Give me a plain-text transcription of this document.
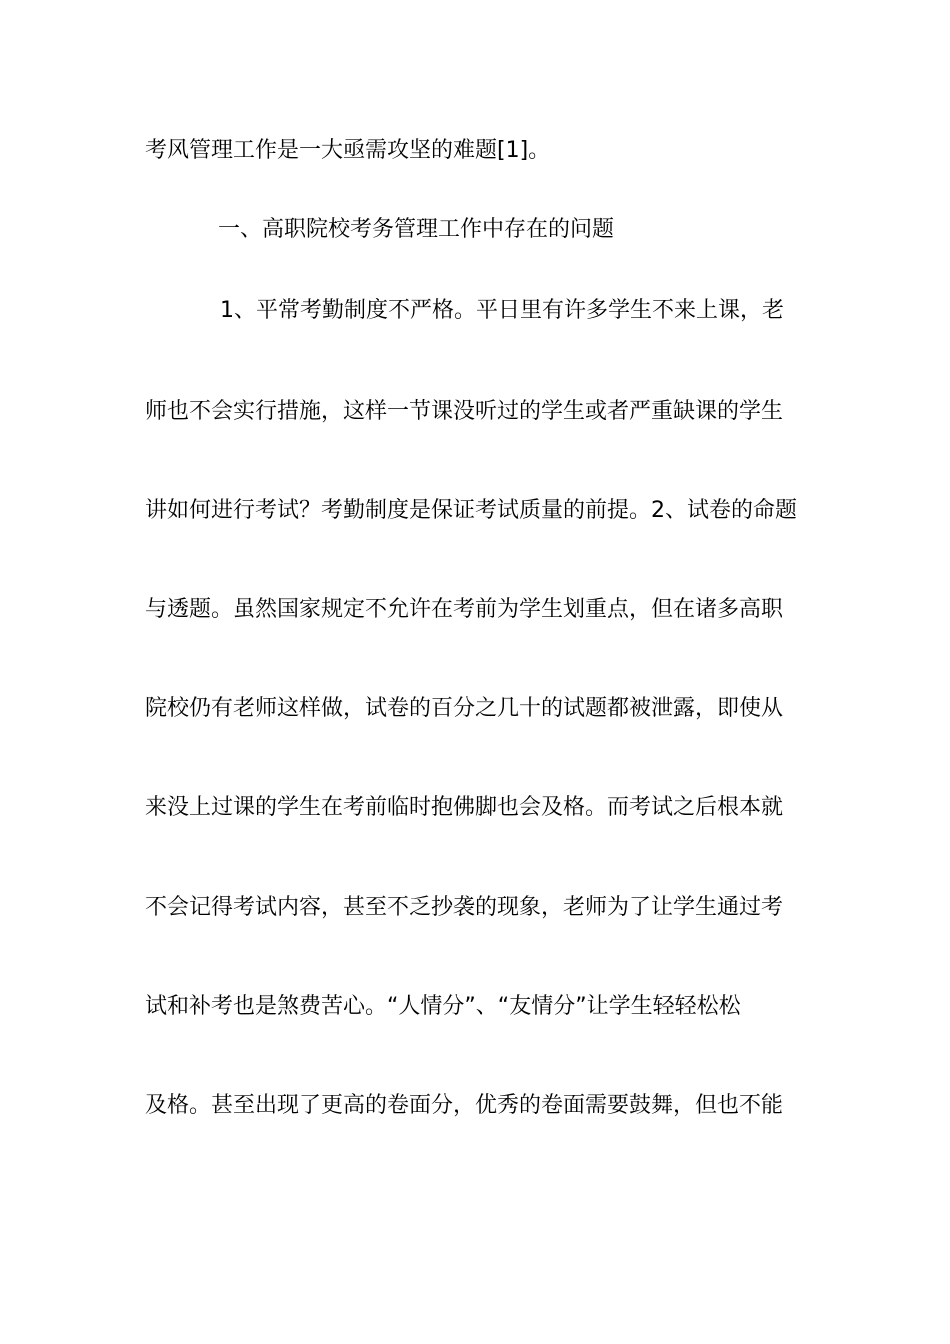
考风管理工作是一大亟需攻坚的难题[1]。
一、高职院校考务管理工作中存在的问题
1、平常考勤制度不严格。平日里有许多学生不来上课，老
师也不会实行措施，这样一节课没听过的学生或者严重缺课的学生
讲如何进行考试？考勤制度是保证考试质量的前提。2、试卷的命题
与透题。虽然国家规定不允许在考前为学生划重点，但在诸多高职
院校仍有老师这样做，试卷的百分之几十的试题都被泄露，即使从
来没上过课的学生在考前临时抱佛脚也会及格。而考试之后根本就
不会记得考试内容，甚至不乏抄袭的现象，老师为了让学生通过考
试和补考也是煞费苦心。“人情分”、“友情分”让学生轻轻松松
及格。甚至出现了更高的卷面分，优秀的卷面需要鼓舞，但也不能
